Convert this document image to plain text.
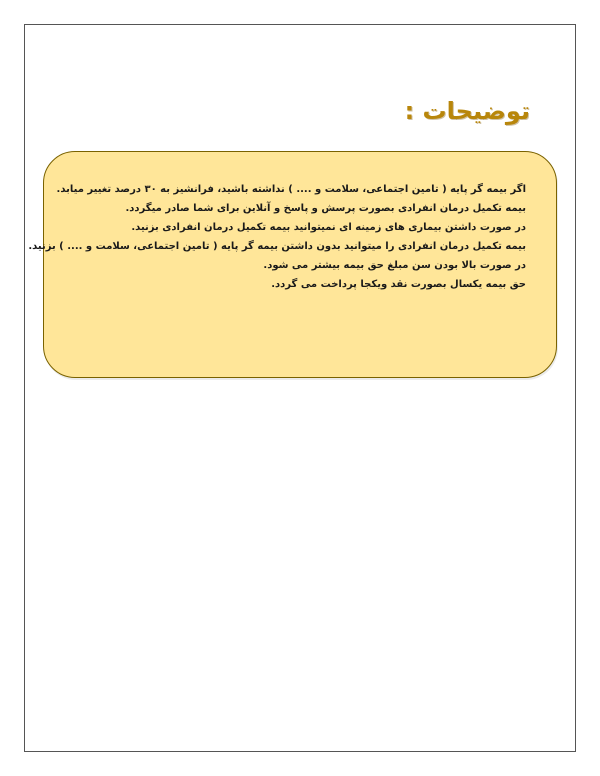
توضیحات :
اگر بیمه گر پایه ( تامین اجتماعی، سلامت و .... ) نداشته باشید، فرانشیز به ۳۰ درصد تغییر میابد.
بیمه تکمیل درمان انفرادی بصورت پرسش و پاسخ و آنلاین برای شما صادر میگردد.
در صورت داشتن بیماری های زمینه ای نمیتوانید بیمه تکمیل درمان انفرادی بزنید.
بیمه تکمیل درمان انفرادی را میتوانید بدون داشتن بیمه گر پایه ( تامین اجتماعی، سلامت و .... ) بزنید.
در صورت بالا بودن سن مبلغ حق بیمه بیشتر می شود.
حق بیمه یکسال بصورت نقد ویکجا پرداخت می گردد.
